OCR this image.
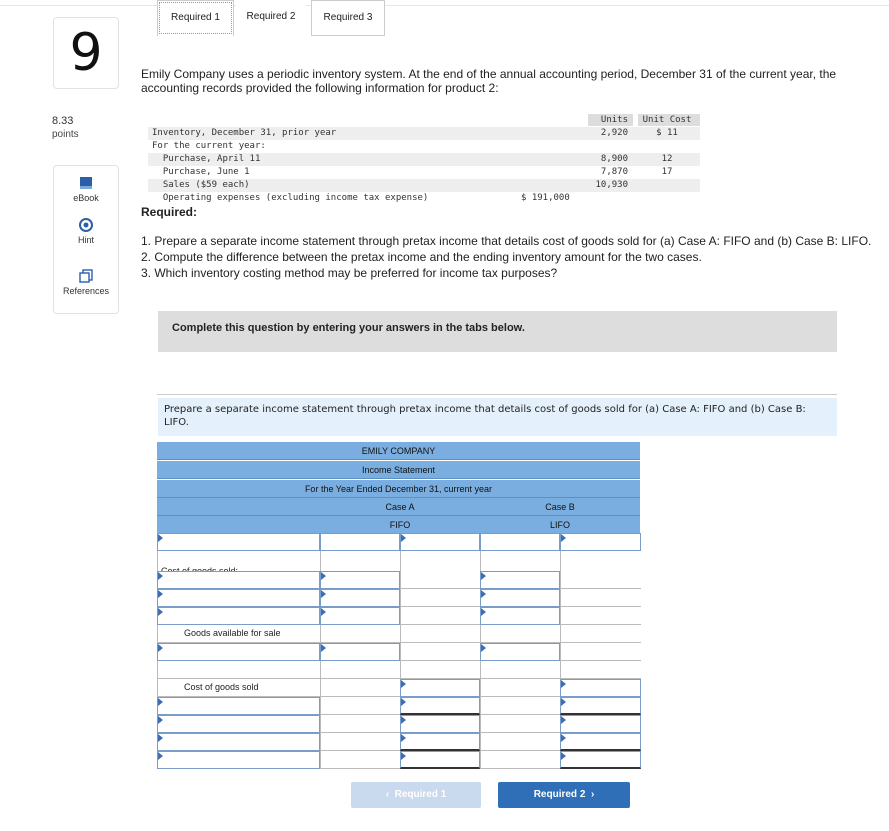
9
8.33
points
eBook
Hint
References
Emily Company uses a periodic inventory system. At the end of the annual accounting period, December 31 of the current year, the accounting records provided the following information for product 2:
Units	Unit Cost
Inventory, December 31, prior year	2,920	$ 11
For the current year:
Purchase, April 11	8,900	12
Purchase, June 1	7,870	17
Sales ($59 each)	10,930
Operating expenses (excluding income tax expense)	$ 191,000
Required:
1. Prepare a separate income statement through pretax income that details cost of goods sold for (a) Case A: FIFO and (b) Case B: LIFO.
2. Compute the difference between the pretax income and the ending inventory amount for the two cases.
3. Which inventory costing method may be preferred for income tax purposes?
Complete this question by entering your answers in the tabs below.
Required 1	Required 2	Required 3
Prepare a separate income statement through pretax income that details cost of goods sold for (a) Case A: FIFO and (b) Case B: LIFO.
EMILY COMPANY
Income Statement
For the Year Ended December 31, current year
Case A	Case B
FIFO	LIFO
Goods available for sale
Cost of goods sold
‹ Required 1	Required 2 ›
